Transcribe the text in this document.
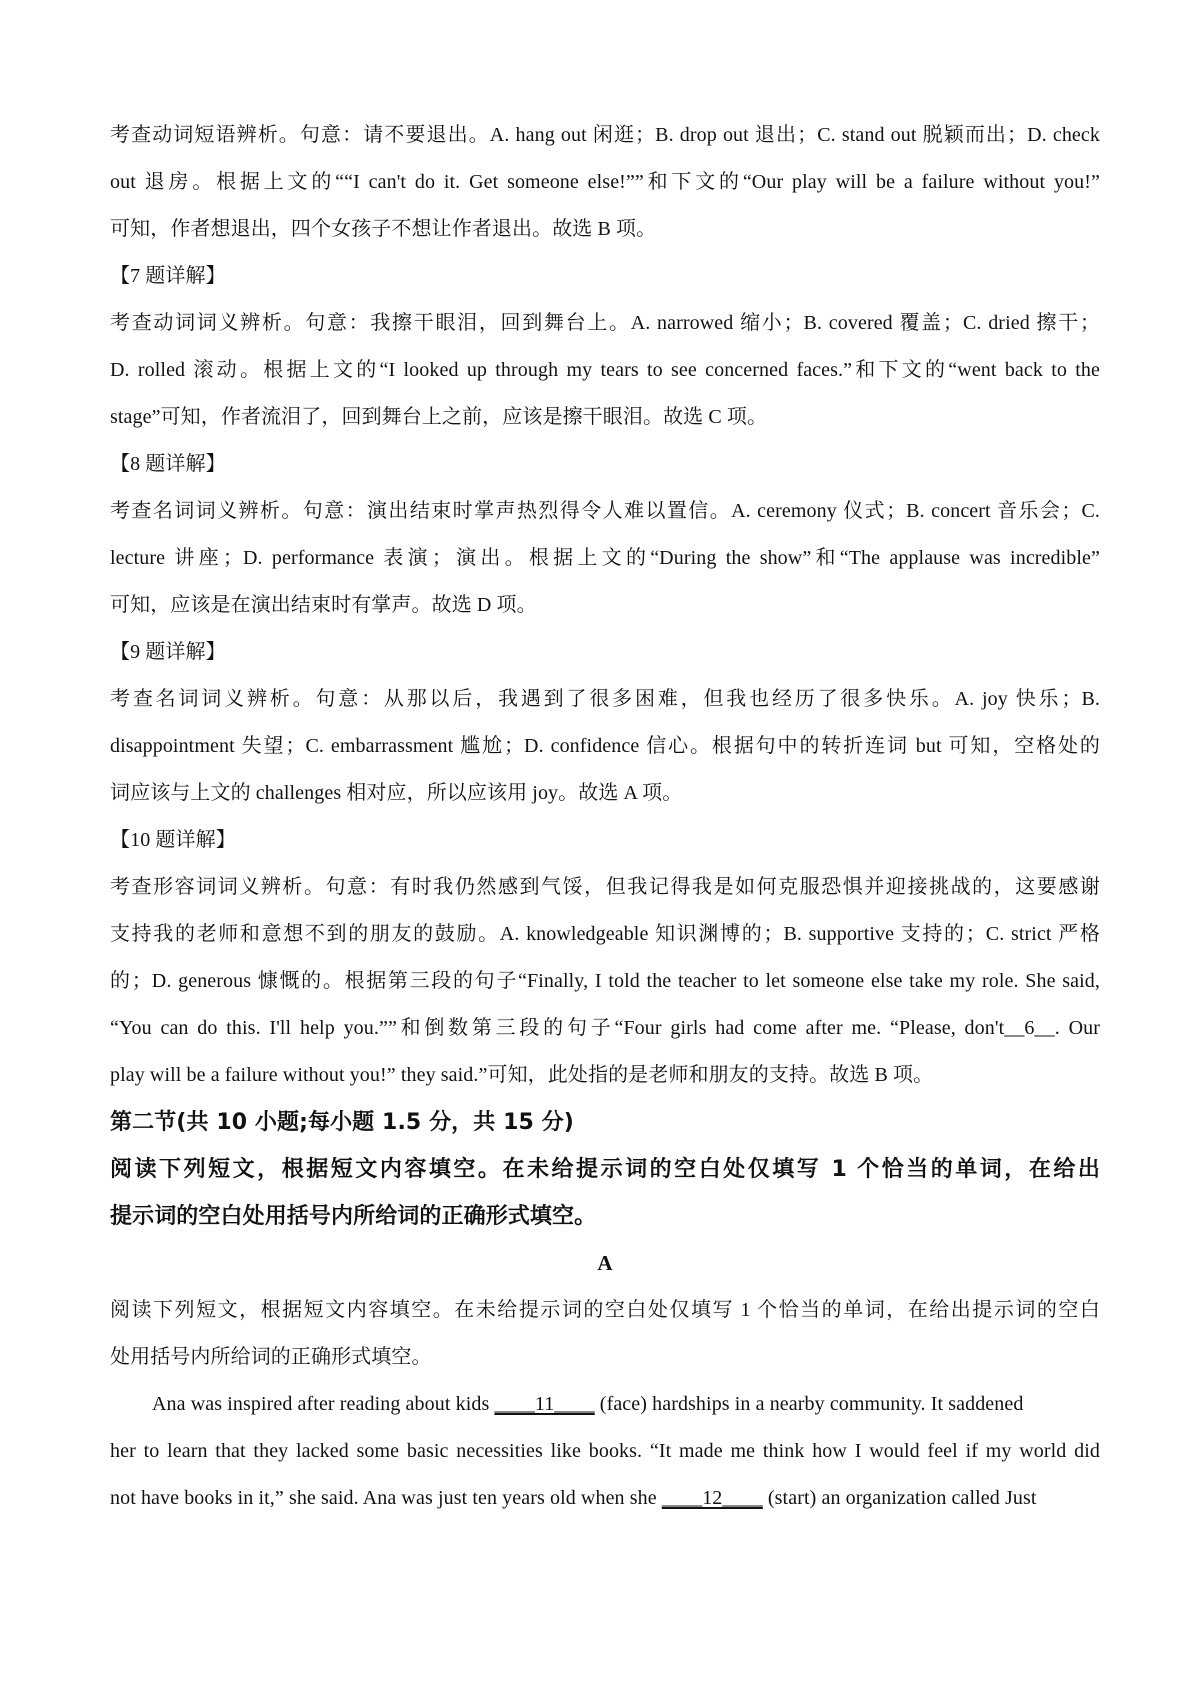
考查动词短语辨析。句意：请不要退出。A. hang out 闲逛；B. drop out 退出；C. stand out 脱颖而出；D. check
out 退房。根据上文的““I can't do it. Get someone else!””和下文的“Our play will be a failure without you!”
可知，作者想退出，四个女孩子不想让作者退出。故选 B 项。
【7 题详解】
考查动词词义辨析。句意：我擦干眼泪，回到舞台上。A. narrowed 缩小；B. covered 覆盖；C. dried 擦干；
D. rolled 滚动。根据上文的“I looked up through my tears to see concerned faces.”和下文的“went back to the
stage”可知，作者流泪了，回到舞台上之前，应该是擦干眼泪。故选 C 项。
【8 题详解】
考查名词词义辨析。句意：演出结束时掌声热烈得令人难以置信。A. ceremony 仪式；B. concert 音乐会；C.
lecture 讲座；D. performance 表演；演出。根据上文的“During the show”和“The applause was incredible”
可知，应该是在演出结束时有掌声。故选 D 项。
【9 题详解】
考查名词词义辨析。句意：从那以后，我遇到了很多困难，但我也经历了很多快乐。A. joy 快乐；B.
disappointment 失望；C. embarrassment 尴尬；D. confidence 信心。根据句中的转折连词 but 可知，空格处的
词应该与上文的 challenges 相对应，所以应该用 joy。故选 A 项。
【10 题详解】
考查形容词词义辨析。句意：有时我仍然感到气馁，但我记得我是如何克服恐惧并迎接挑战的，这要感谢
支持我的老师和意想不到的朋友的鼓励。A. knowledgeable 知识渊博的；B. supportive 支持的；C. strict 严格
的；D. generous 慷慨的。根据第三段的句子“Finally, I told the teacher to let someone else take my role. She said,
“You can do this. I'll help you.””和倒数第三段的句子“Four girls had come after me. “Please, don't__6__. Our
play will be a failure without you!” they said.”可知，此处指的是老师和朋友的支持。故选 B 项。
第二节(共 10 小题;每小题 1.5 分，共 15 分)
阅读下列短文，根据短文内容填空。在未给提示词的空白处仅填写 1 个恰当的单词，在给出
提示词的空白处用括号内所给词的正确形式填空。
A
阅读下列短文，根据短文内容填空。在未给提示词的空白处仅填写 1 个恰当的单词，在给出提示词的空白
处用括号内所给词的正确形式填空。
Ana was inspired after reading about kids ____11____ (face) hardships in a nearby community. It saddened
her to learn that they lacked some basic necessities like books. “It made me think how I would feel if my world did
not have books in it,” she said. Ana was just ten years old when she ____12____ (start) an organization called Just
